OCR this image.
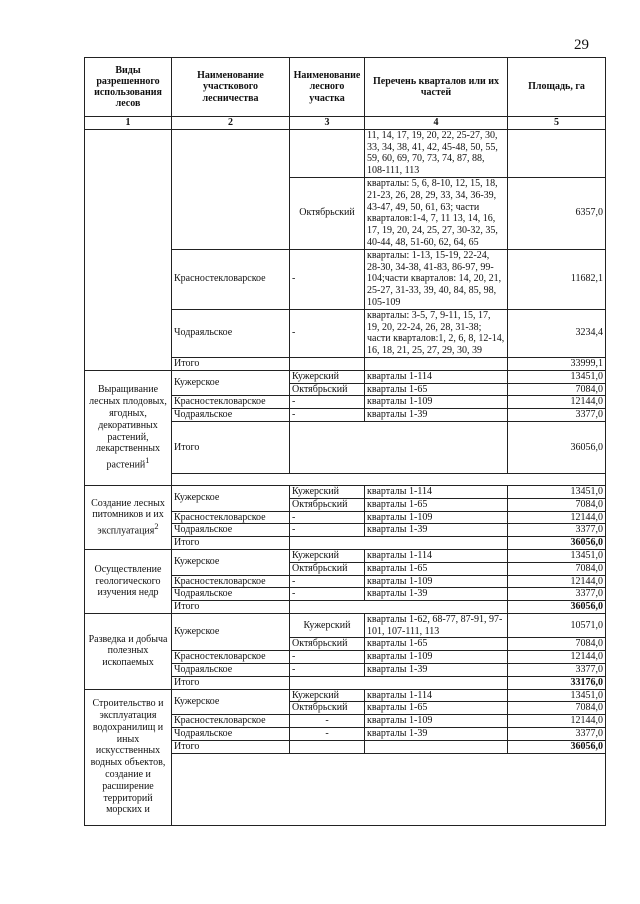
29
Виды разрешенного использования лесов	Наименование участкового лесничества	Наименование лесного участка	Перечень кварталов или их частей	Площадь, га
1	2	3	4	5
			11, 14, 17, 19, 20, 22, 25-27, 30, 33, 34, 38, 41, 42, 45-48, 50, 55, 59, 60, 69, 70, 73, 74, 87, 88, 108-111, 113	
		Октябрьский	кварталы: 5, 6, 8-10, 12, 15, 18, 21-23, 26, 28, 29, 33, 34, 36-39, 43-47, 49, 50, 61, 63; части кварталов:1-4, 7, 11 13, 14, 16, 17, 19, 20, 24, 25, 27, 30-32, 35, 40-44, 48, 51-60, 62, 64, 65	6357,0
	Красностекловарское	-	кварталы: 1-13, 15-19, 22-24, 28-30, 34-38, 41-83, 86-97, 99-104;части кварталов: 14, 20, 21, 25-27, 31-33, 39, 40, 84, 85, 98, 105-109	11682,1
	Чодраяльское	-	кварталы: 3-5, 7, 9-11, 15, 17, 19, 20, 22-24, 26, 28, 31-38; части кварталов:1, 2, 6, 8, 12-14, 16, 18, 21, 25, 27, 29, 30, 39	3234,4
	Итого			33999,1
Выращивание лесных плодовых, ягодных, декоративных растений, лекарственных растений$^1$	Кужерское	Кужерский	кварталы 1-114	13451,0
		Октябрьский	кварталы 1-65	7084,0
	Красностекловарское	-	кварталы 1-109	12144,0
	Чодраяльское	-	кварталы 1-39	3377,0
	Итого			36056,0

Создание лесных питомников и их эксплуатация$^2$	Кужерское	Кужерский	кварталы 1-114	13451,0
		Октябрьский	кварталы 1-65	7084,0
	Красностекловарское	-	кварталы 1-109	12144,0
	Чодраяльское	-	кварталы 1-39	3377,0
	Итого			36056,0
Осуществление геологического изучения недр	Кужерское	Кужерский	кварталы 1-114	13451,0
		Октябрьский	кварталы 1-65	7084,0
	Красностекловарское	-	кварталы 1-109	12144,0
	Чодраяльское	-	кварталы 1-39	3377,0
	Итого			36056,0
Разведка и добыча полезных ископаемых	Кужерское	Кужерский	кварталы 1-62, 68-77, 87-91, 97-101, 107-111, 113	10571,0
		Октябрьский	кварталы 1-65	7084,0
	Красностекловарское	-	кварталы 1-109	12144,0
	Чодраяльское	-	кварталы 1-39	3377,0
	Итого			33176,0
Строительство и эксплуатация водохранилищ и иных искусственных водных объектов, создание и расширение территорий морских и	Кужерское	Кужерский	кварталы 1-114	13451,0
		Октябрьский	кварталы 1-65	7084,0
	Красностекловарское	-	кварталы 1-109	12144,0
	Чодраяльское	-	кварталы 1-39	3377,0
	Итого			36056,0
